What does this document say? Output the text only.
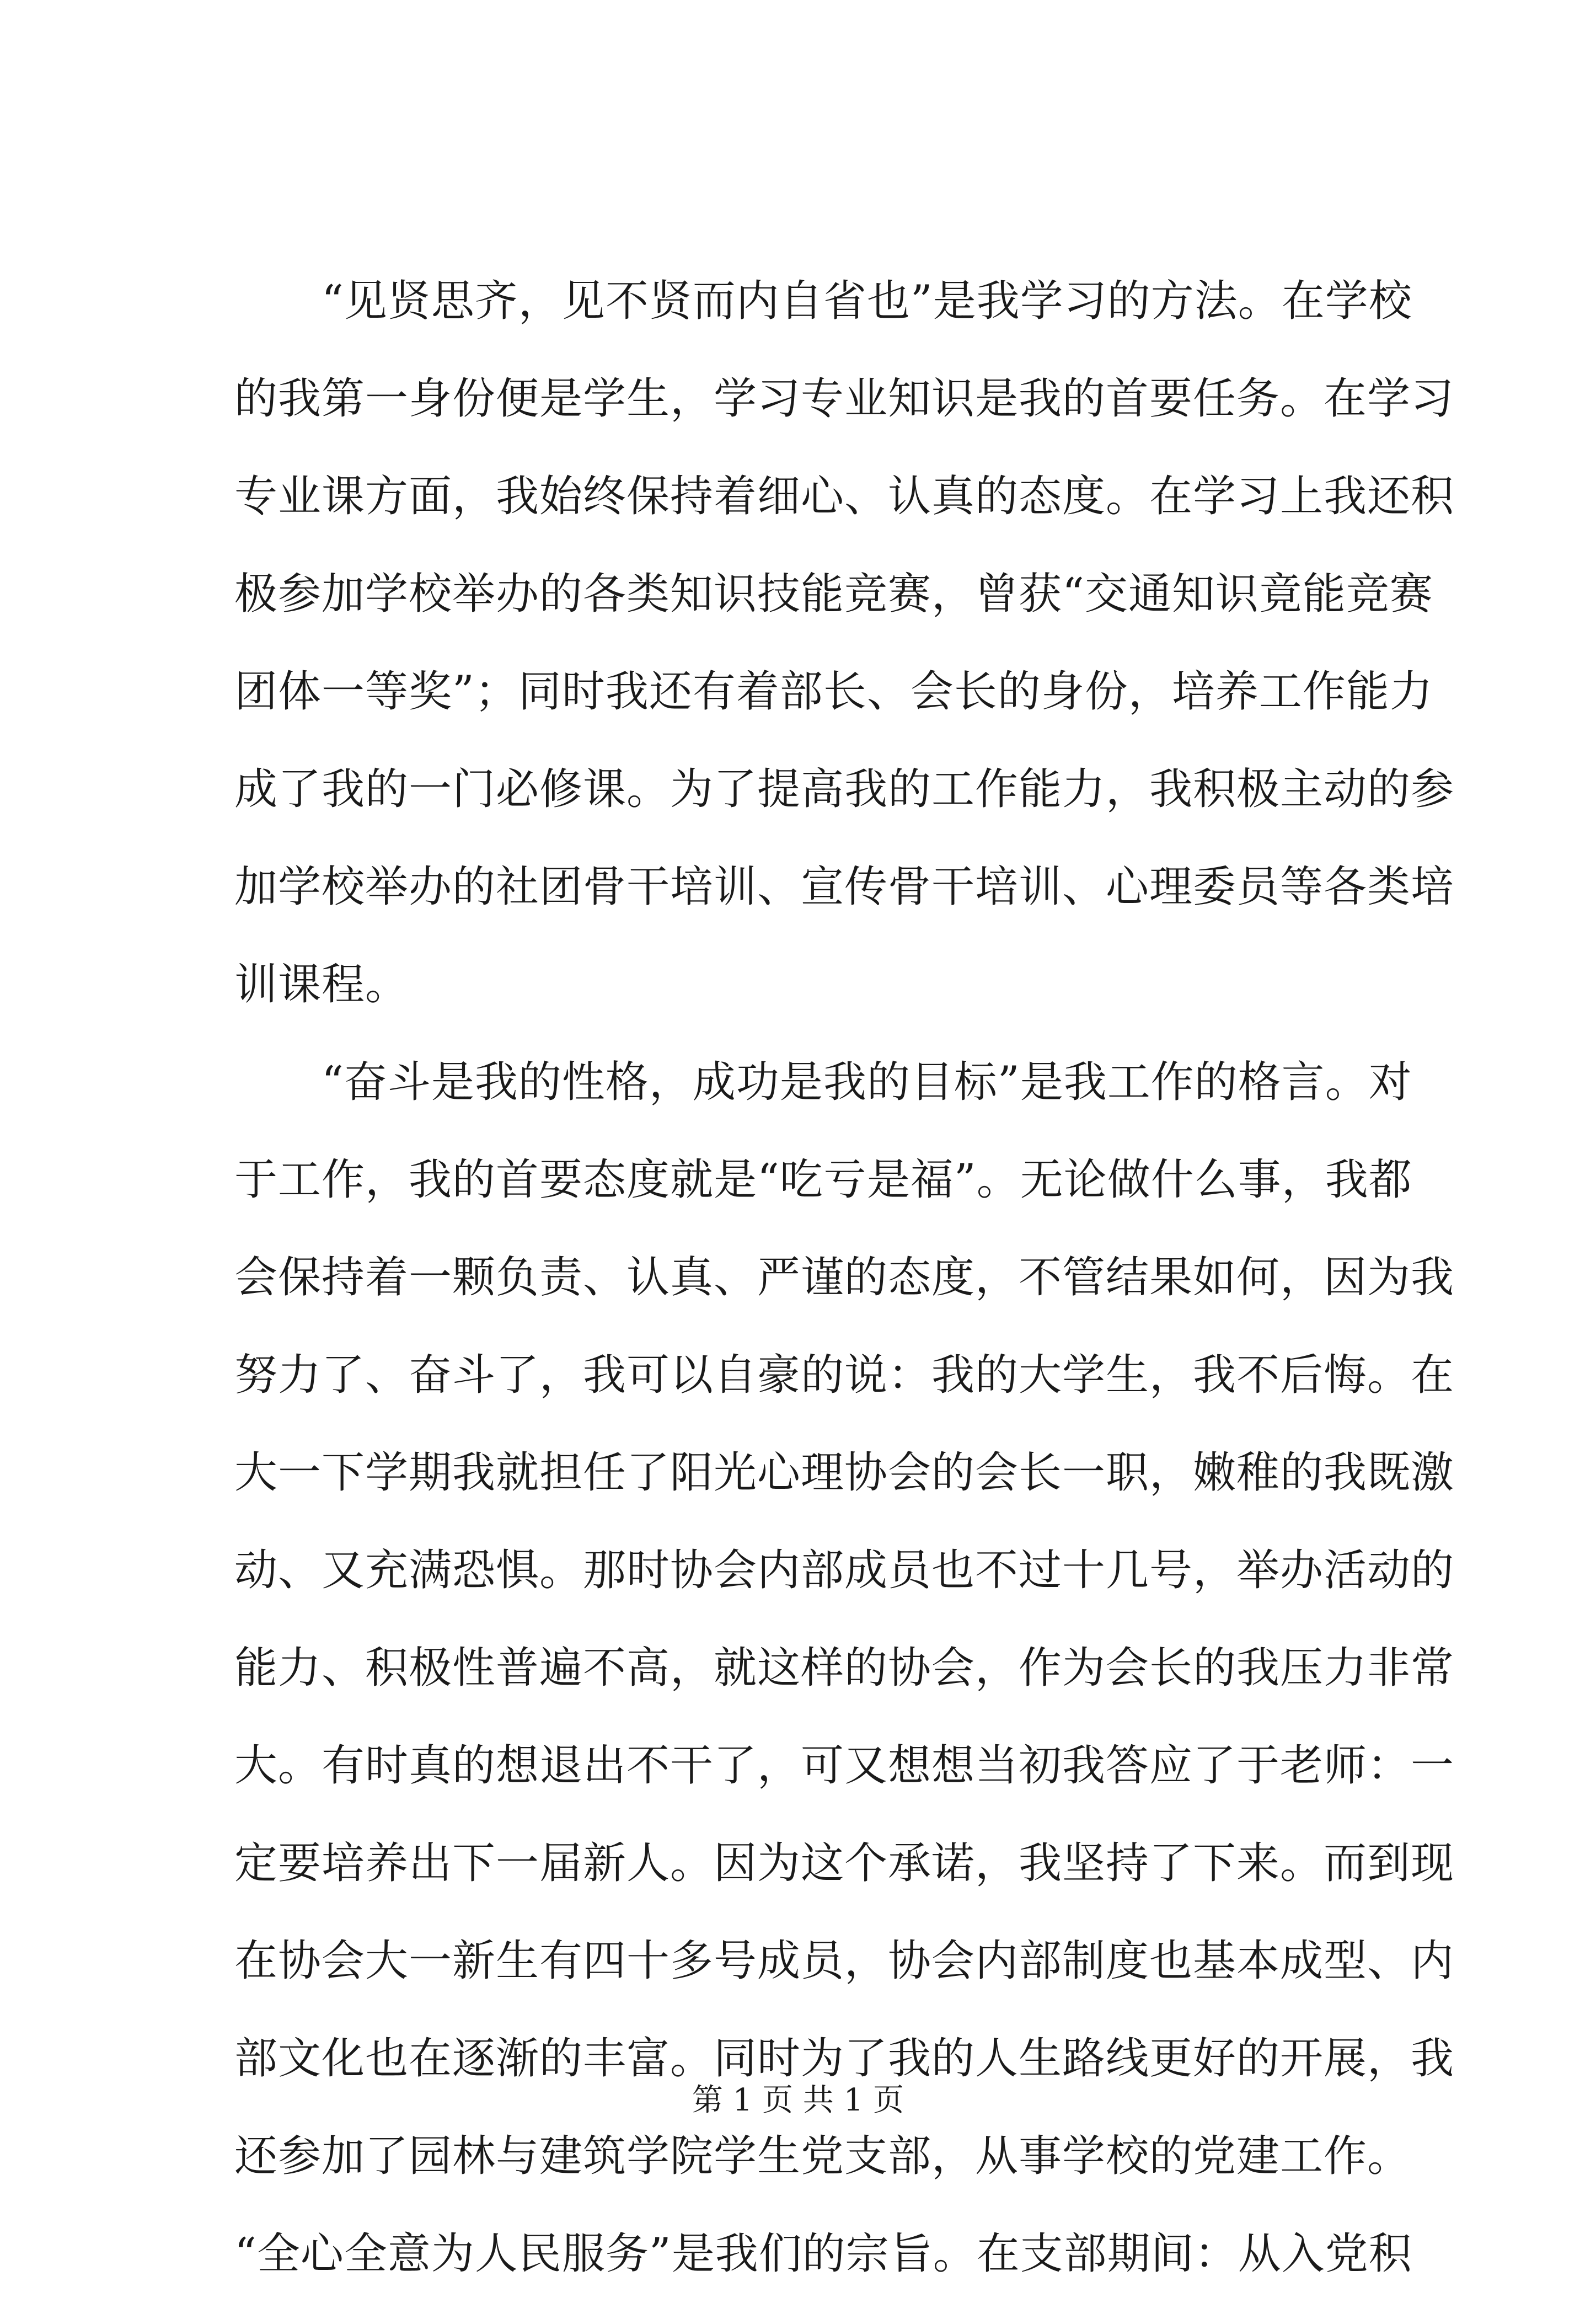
　　“见贤思齐，见不贤而内自省也”是我学习的方法。在学校
的我第一身份便是学生，学习专业知识是我的首要任务。在学习
专业课方面，我始终保持着细心、认真的态度。在学习上我还积
极参加学校举办的各类知识技能竞赛，曾获“交通知识竟能竞赛
团体一等奖”；同时我还有着部长、会长的身份，培养工作能力
成了我的一门必修课。为了提高我的工作能力，我积极主动的参
加学校举办的社团骨干培训、宣传骨干培训、心理委员等各类培
训课程。
　　“奋斗是我的性格，成功是我的目标”是我工作的格言。对
于工作，我的首要态度就是“吃亏是福”。无论做什么事，我都
会保持着一颗负责、认真、严谨的态度，不管结果如何，因为我
努力了、奋斗了，我可以自豪的说：我的大学生，我不后悔。在
大一下学期我就担任了阳光心理协会的会长一职，嫩稚的我既激
动、又充满恐惧。那时协会内部成员也不过十几号，举办活动的
能力、积极性普遍不高，就这样的协会，作为会长的我压力非常
大。有时真的想退出不干了，可又想想当初我答应了于老师：一
定要培养出下一届新人。因为这个承诺，我坚持了下来。而到现
在协会大一新生有四十多号成员，协会内部制度也基本成型、内
部文化也在逐渐的丰富。同时为了我的人生路线更好的开展，我
还参加了园林与建筑学院学生党支部，从事学校的党建工作。
“全心全意为人民服务”是我们的宗旨。在支部期间：从入党积
第 1 页 共 1 页
